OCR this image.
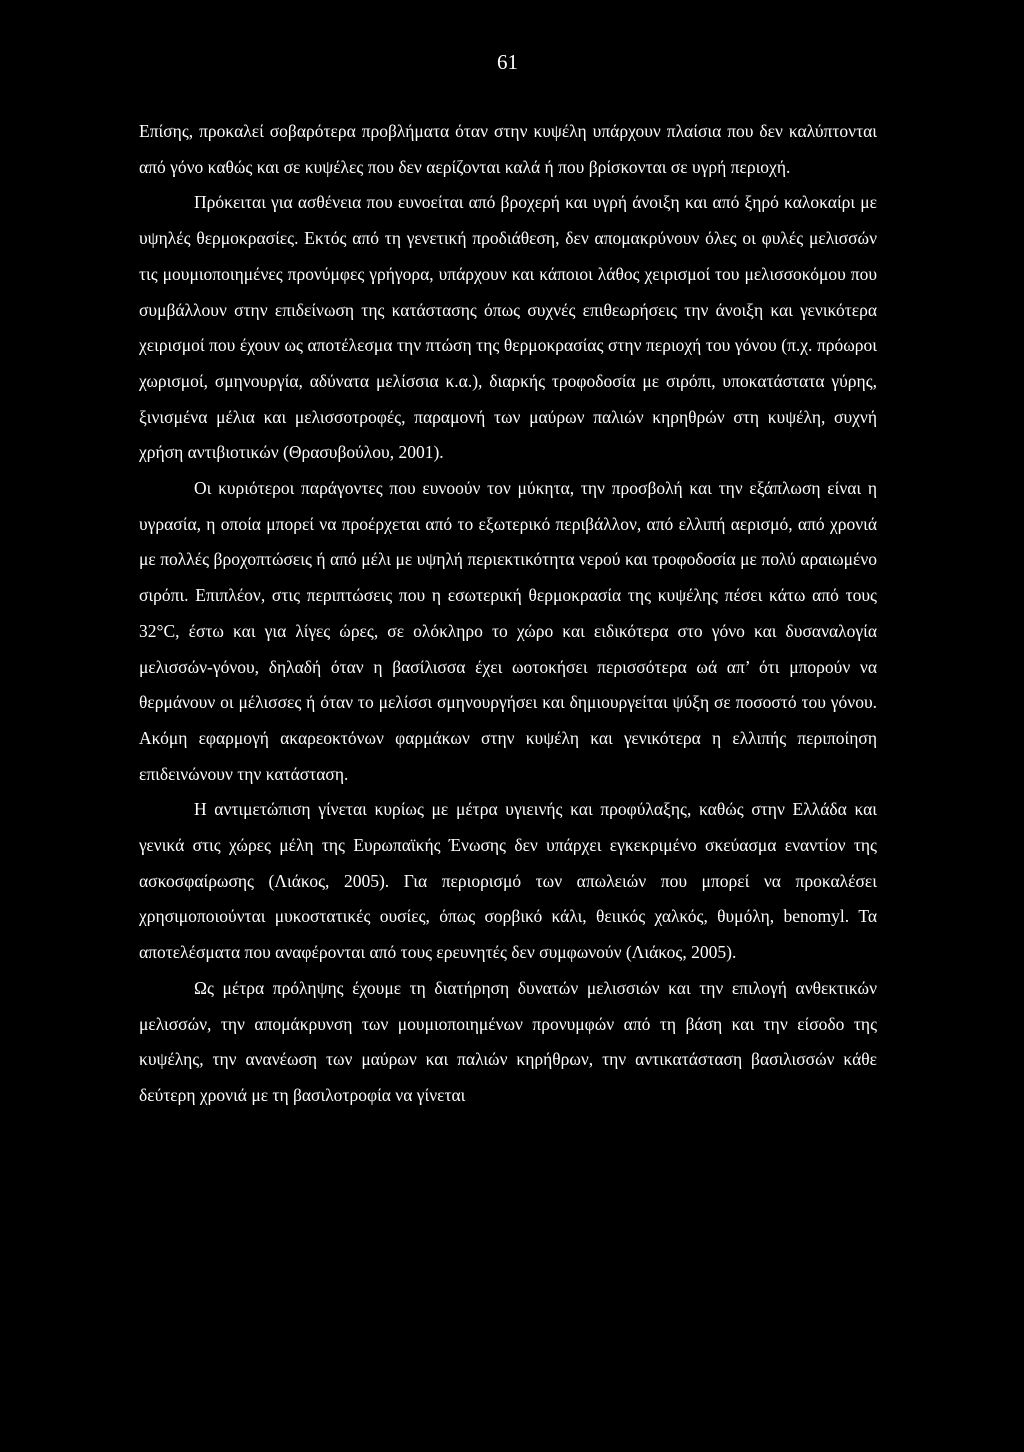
61

Επίσης, προκαλεί σοβαρότερα προβλήματα όταν στην κυψέλη υπάρχουν πλαίσια που δεν καλύπτονται από γόνο καθώς και σε κυψέλες που δεν αερίζονται καλά ή που βρίσκονται σε υγρή περιοχή.

Πρόκειται για ασθένεια που ευνοείται από βροχερή και υγρή άνοιξη και από ξηρό καλοκαίρι με υψηλές θερμοκρασίες. Εκτός από τη γενετική προδιάθεση, δεν απομακρύνουν όλες οι φυλές μελισσών τις μουμιοποιημένες προνύμφες γρήγορα, υπάρχουν και κάποιοι λάθος χειρισμοί του μελισσοκόμου που συμβάλλουν στην επιδείνωση της κατάστασης όπως συχνές επιθεωρήσεις την άνοιξη και γενικότερα χειρισμοί που έχουν ως αποτέλεσμα την πτώση της θερμοκρασίας στην περιοχή του γόνου (π.χ. πρόωροι χωρισμοί, σμηνουργία, αδύνατα μελίσσια κ.α.), διαρκής τροφοδοσία με σιρόπι, υποκατάστατα γύρης, ξινισμένα μέλια και μελισσοτροφές, παραμονή των μαύρων παλιών κηρηθρών στη κυψέλη, συχνή χρήση αντιβιοτικών (Θρασυβούλου, 2001).

Οι κυριότεροι παράγοντες που ευνοούν τον μύκητα, την προσβολή και την εξάπλωση είναι η υγρασία, η οποία μπορεί να προέρχεται από το εξωτερικό περιβάλλον, από ελλιπή αερισμό, από χρονιά με πολλές βροχοπτώσεις ή από μέλι με υψηλή περιεκτικότητα νερού και τροφοδοσία με πολύ αραιωμένο σιρόπι. Επιπλέον, στις περιπτώσεις που η εσωτερική θερμοκρασία της κυψέλης πέσει κάτω από τους 32°C, έστω και για λίγες ώρες, σε ολόκληρο το χώρο και ειδικότερα στο γόνο και δυσαναλογία μελισσών-γόνου, δηλαδή όταν η βασίλισσα έχει ωοτοκήσει περισσότερα ωά απ’ ότι μπορούν να θερμάνουν οι μέλισσες ή όταν το μελίσσι σμηνουργήσει και δημιουργείται ψύξη σε ποσοστό του γόνου. Ακόμη εφαρμογή ακαρεοκτόνων φαρμάκων στην κυψέλη και γενικότερα η ελλιπής περιποίηση επιδεινώνουν την κατάσταση.

Η αντιμετώπιση γίνεται κυρίως με μέτρα υγιεινής και προφύλαξης, καθώς στην Ελλάδα και γενικά στις χώρες μέλη της Ευρωπαϊκής Ένωσης δεν υπάρχει εγκεκριμένο σκεύασμα εναντίον της ασκοσφαίρωσης (Λιάκος, 2005). Για περιορισμό των απωλειών που μπορεί να προκαλέσει χρησιμοποιούνται μυκοστατικές ουσίες, όπως σορβικό κάλι, θειικός χαλκός, θυμόλη, benomyl. Τα αποτελέσματα που αναφέρονται από τους ερευνητές δεν συμφωνούν (Λιάκος, 2005).

Ως μέτρα πρόληψης έχουμε τη διατήρηση δυνατών μελισσιών και την επιλογή ανθεκτικών μελισσών, την απομάκρυνση των μουμιοποιημένων προνυμφών από τη βάση και την είσοδο της κυψέλης, την ανανέωση των μαύρων και παλιών κηρήθρων, την αντικατάσταση βασιλισσών κάθε δεύτερη χρονιά με τη βασιλοτροφία να γίνεται
